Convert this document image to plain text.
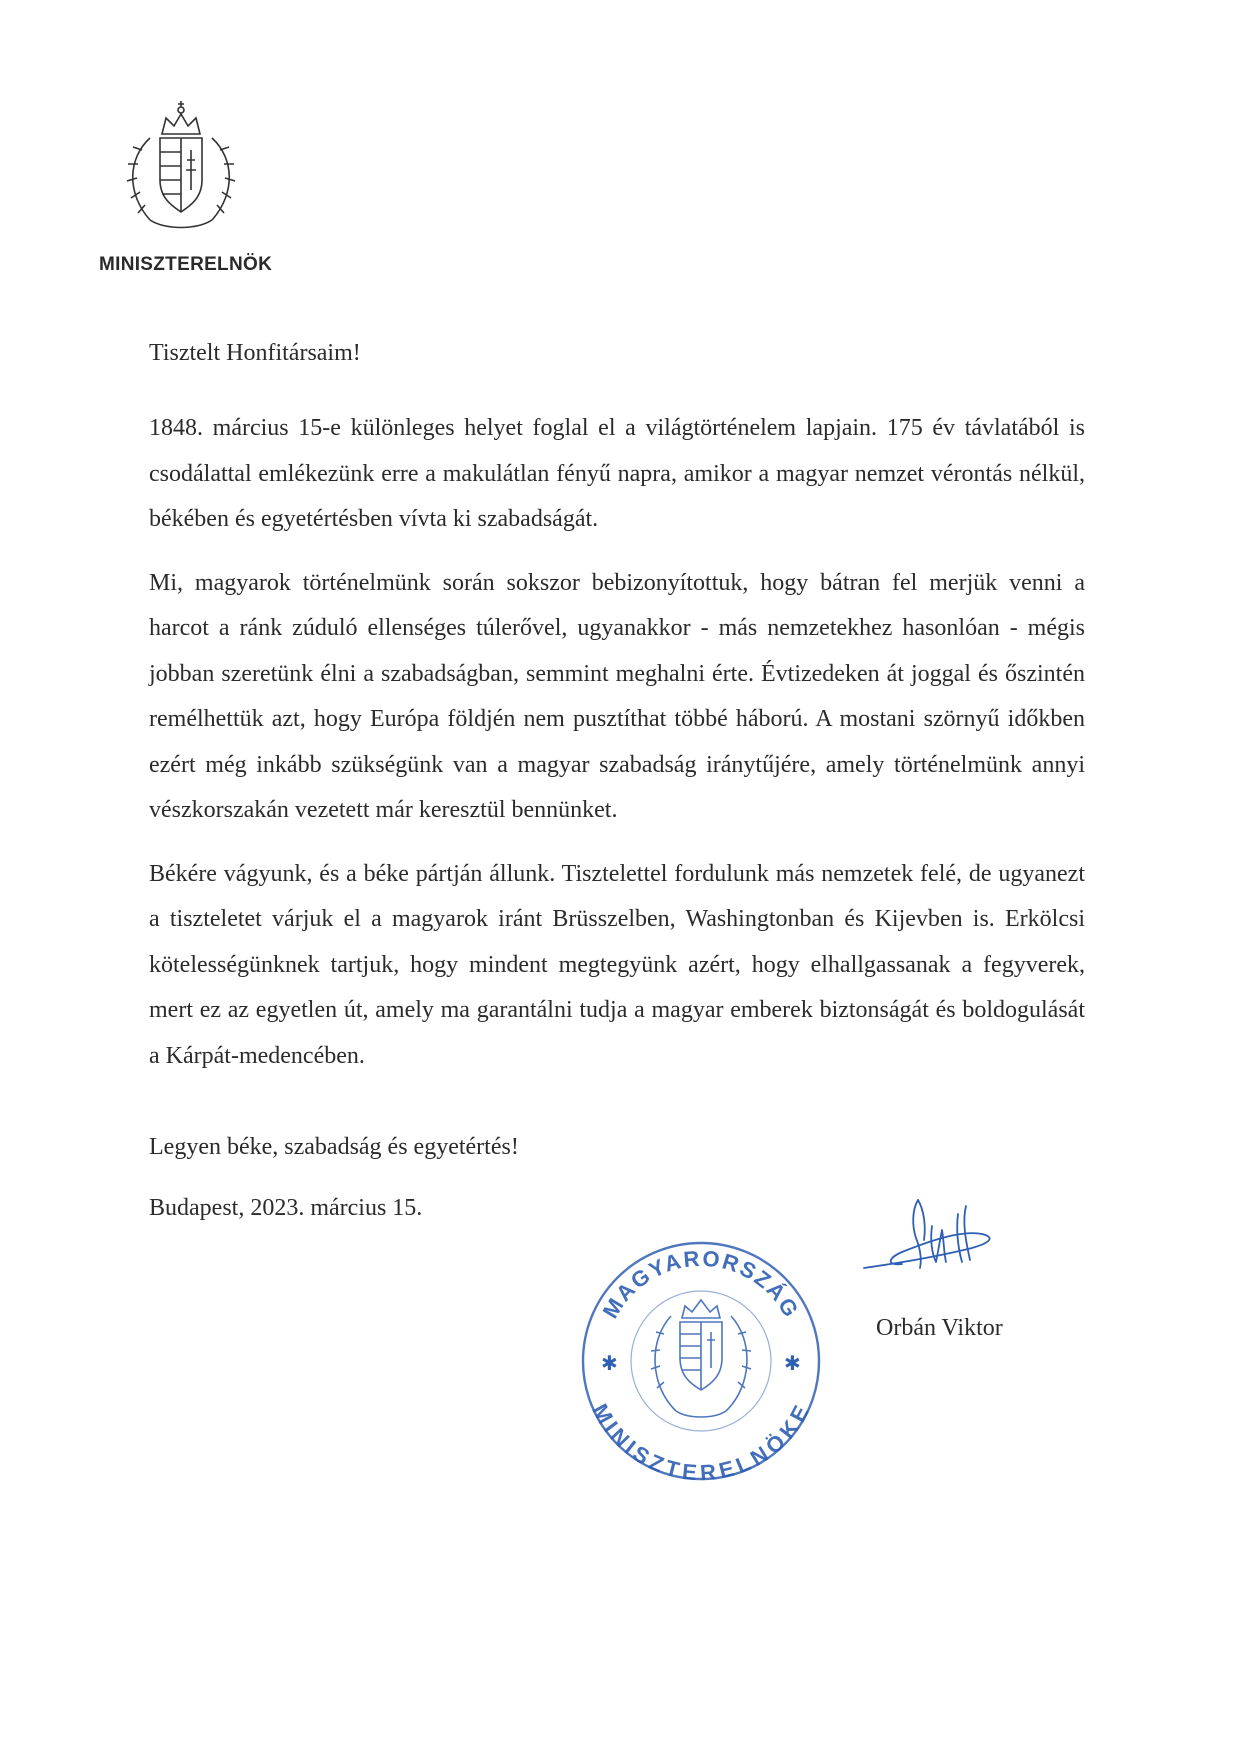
MINISZTERELNÖK
Tisztelt Honfitársaim!

1848. március 15-e különleges helyet foglal el a világtörténelem lapjain. 175 év távlatából is csodálattal emlékezünk erre a makulátlan fényű napra, amikor a magyar nemzet vérontás nélkül, békében és egyetértésben vívta ki szabadságát.

Mi, magyarok történelmünk során sokszor bebizonyítottuk, hogy bátran fel merjük venni a harcot a ránk zúduló ellenséges túlerővel, ugyanakkor - más nemzetekhez hasonlóan - mégis jobban szeretünk élni a szabadságban, semmint meghalni érte. Évtizedeken át joggal és őszintén remélhettük azt, hogy Európa földjén nem pusztíthat többé háború. A mostani szörnyű időkben ezért még inkább szükségünk van a magyar szabadság iránytűjére, amely történelmünk annyi vészkorszakán vezetett már keresztül bennünket.

Békére vágyunk, és a béke pártján állunk. Tisztelettel fordulunk más nemzetek felé, de ugyanezt a tiszteletet várjuk el a magyarok iránt Brüsszelben, Washingtonban és Kijevben is. Erkölcsi kötelességünknek tartjuk, hogy mindent megtegyünk azért, hogy elhallgassanak a fegyverek, mert ez az egyetlen út, amely ma garantálni tudja a magyar emberek biztonságát és boldogulását a Kárpát-medencében.

Legyen béke, szabadság és egyetértés!
Budapest, 2023. március 15.
MAGYARORSZÁG
MINISZTERELNÖKE
✱	✱
Orbán Viktor
